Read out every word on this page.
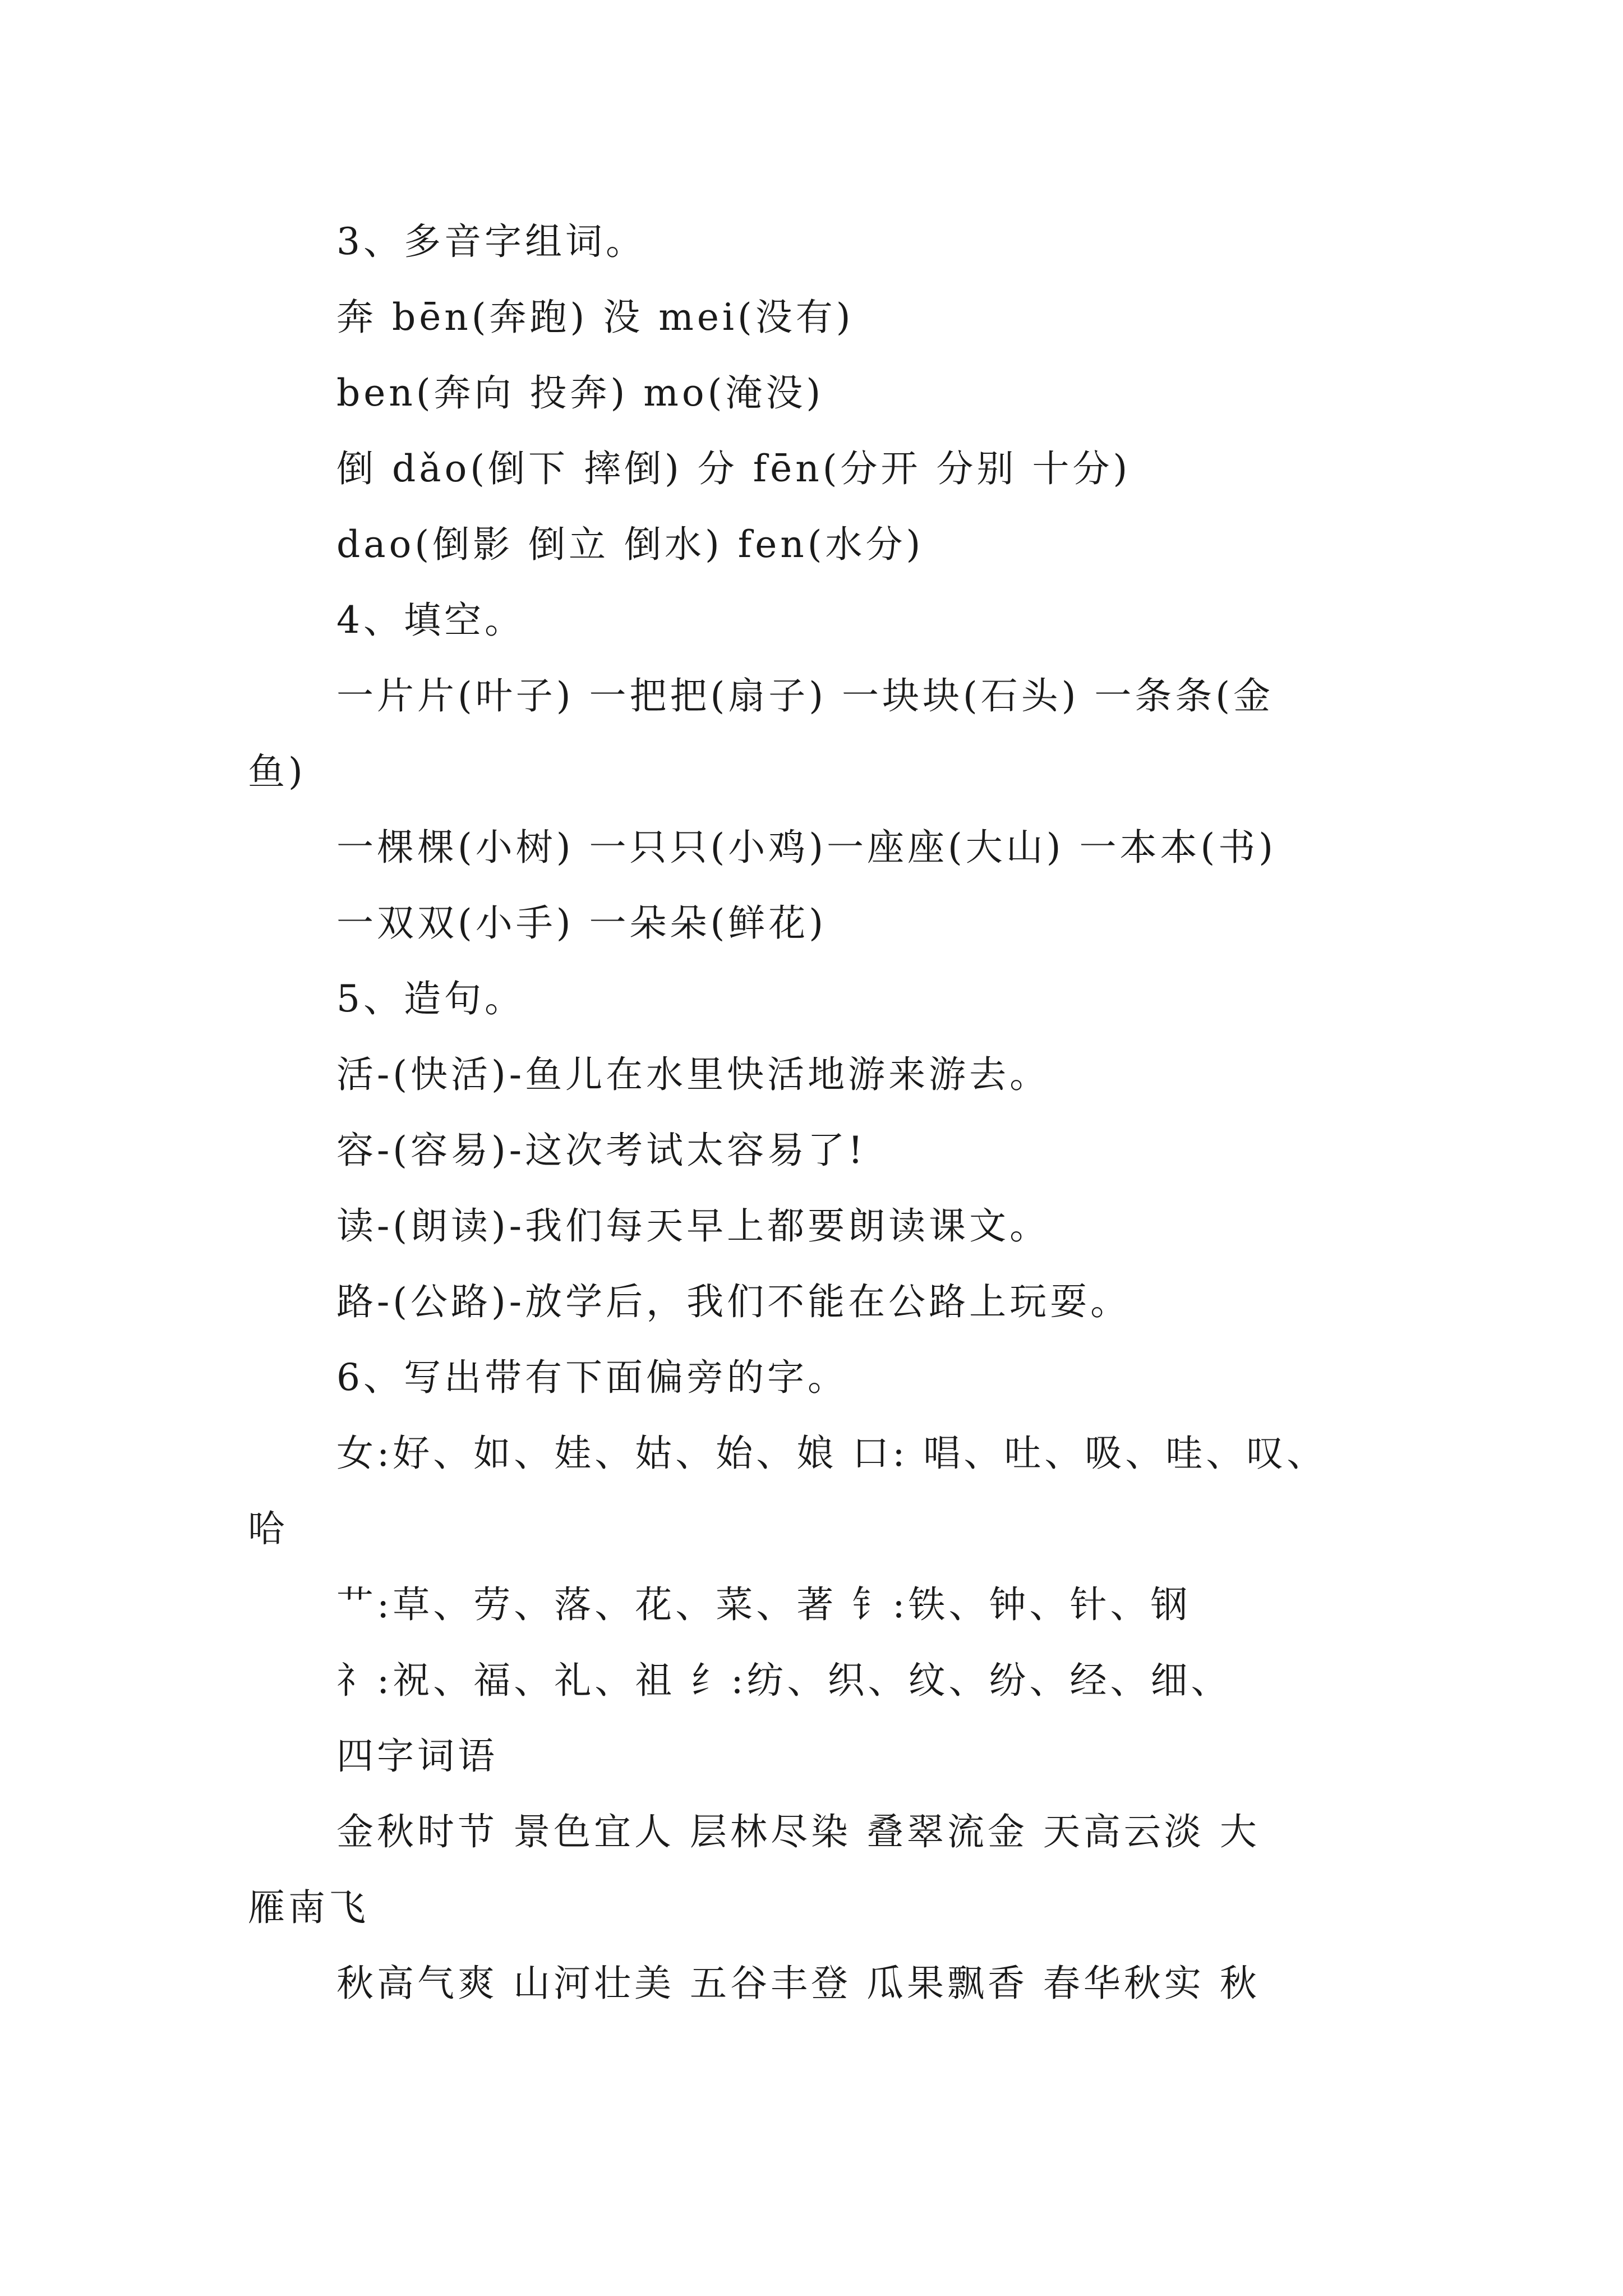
3、多音字组词。
奔 bēn(奔跑) 没 mei(没有)
ben(奔向 投奔) mo(淹没)
倒 dǎo(倒下 摔倒) 分 fēn(分开 分别 十分)
dao(倒影 倒立 倒水) fen(水分)
4、填空。
一片片(叶子) 一把把(扇子) 一块块(石头) 一条条(金
鱼)
一棵棵(小树) 一只只(小鸡)一座座(大山) 一本本(书)
一双双(小手) 一朵朵(鲜花)
5、造句。
活-(快活)-鱼儿在水里快活地游来游去。
容-(容易)-这次考试太容易了!
读-(朗读)-我们每天早上都要朗读课文。
路-(公路)-放学后，我们不能在公路上玩耍。
6、写出带有下面偏旁的字。
女:好、如、娃、姑、始、娘 口: 唱、吐、吸、哇、叹、
哈
艹:草、劳、落、花、菜、著 钅:铁、钟、针、钢
礻:祝、福、礼、祖 纟:纺、织、纹、纷、经、细、
四字词语
金秋时节 景色宜人 层林尽染 叠翠流金 天高云淡 大
雁南飞
秋高气爽 山河壮美 五谷丰登 瓜果飘香 春华秋实 秋
